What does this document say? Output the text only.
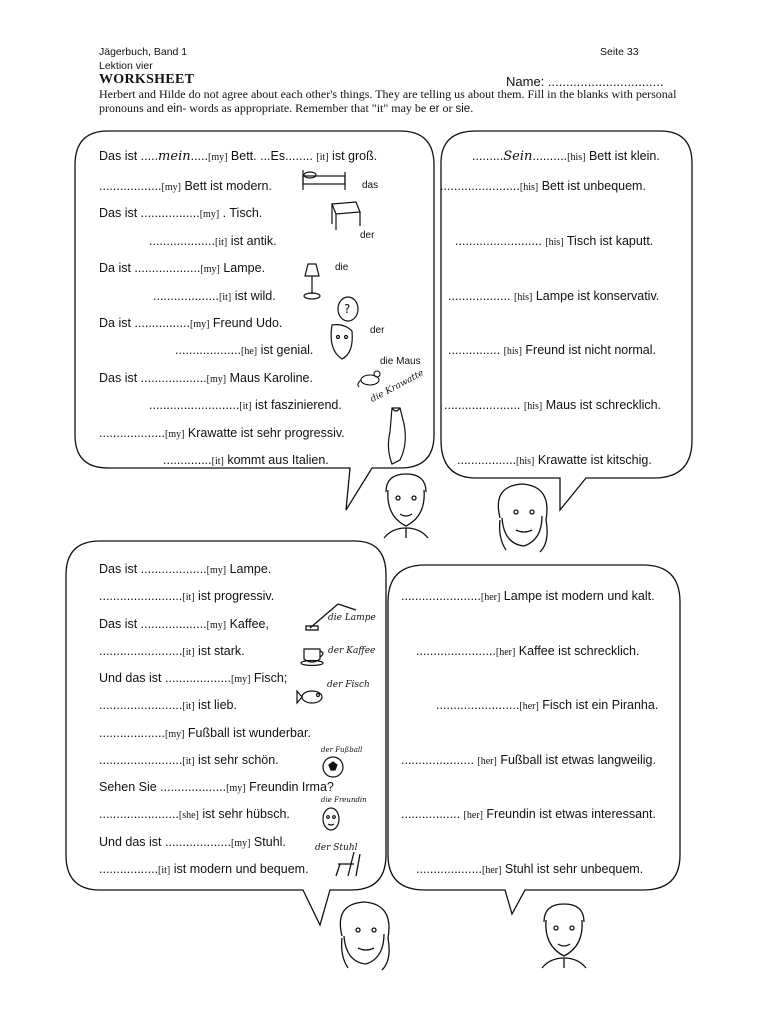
Jägerbuch, Band 1
Lektion vier
Seite 33
WORKSHEET	Name: ................................
Herbert and Hilde do not agree about each other's things. They are telling us about them. Fill in the blanks with personal pronouns and ein- words as appropriate. Remember that "it" may be er or sie.
Das ist .....mein.....[my] Bett. ...Es........ [it] ist groß.
..................[my] Bett ist modern.
Das ist .................[my] . Tisch.
...................[it] ist antik.
Da ist ...................[my] Lampe.
...................[it] ist wild.
Da ist ................[my] Freund Udo.
...................[he] ist genial.
Das ist ...................[my] Maus Karoline.
..........................[it] ist faszinierend.
...................[my] Krawatte ist sehr progressiv.
..............[it] kommt aus Italien.
.........Sein..........[his] Bett ist klein.
.......................[his] Bett ist unbequem.
......................... [his] Tisch ist kaputt.
.................. [his] Lampe ist konservativ.
............... [his] Freund ist nicht normal.
...................... [his] Maus ist schrecklich.
.................[his] Krawatte ist kitschig.
Das ist ...................[my] Lampe.
........................[it] ist progressiv.
Das ist ...................[my] Kaffee,
........................[it] ist stark.
Und das ist ...................[my] Fisch;
........................[it] ist lieb.
...................[my] Fußball ist wunderbar.
........................[it] ist sehr schön.
Sehen Sie ...................[my] Freundin Irma?
.......................[she] ist sehr hübsch.
Und das ist ...................[my] Stuhl.
.................[it] ist modern und bequem.
.......................[her] Lampe ist modern und kalt.
.......................[her] Kaffee ist schrecklich.
........................[her] Fisch ist ein Piranha.
..................... [her] Fußball ist etwas langweilig.
................. [her] Freundin ist etwas interessant.
...................[her] Stuhl ist sehr unbequem.
das
der
die
der
die Maus
die Krawatte
die Lampe
der Kaffee
der Fisch
der Fußball
die Freundin
der Stuhl
?
